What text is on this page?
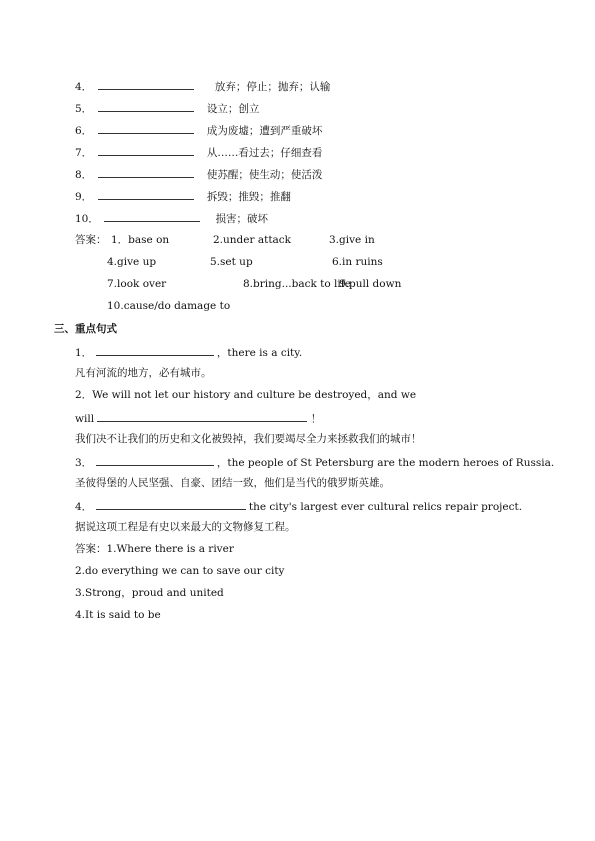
4．	放弃；停止；抛弃；认输
5．	设立；创立
6．	成为废墟；遭到严重破坏
7．	从……看过去；仔细查看
8．	使苏醒；使生动；使活泼
9．	拆毁；推毁；推翻
10．	损害；破坏
答案： 1．base on	2.under attack	3.give in
4.give up	5.set up	6.in ruins
7.look over	8.bring...back to life
9.pull down
10.cause/do damage to
三、重点句式
1．	，there is a city.
凡有河流的地方，必有城市。
2．We will not let our history and culture be destroyed，and we
will	！
我们决不让我们的历史和文化被毁掉，我们要竭尽全力来拯救我们的城市！
3．	，the people of St Petersburg are the modern heroes of Russia.
圣彼得堡的人民坚强、自豪、团结一致，他们是当代的俄罗斯英雄。
4．	the city's largest ever cultural relics repair project.
据说这项工程是有史以来最大的文物修复工程。
答案：1.Where there is a river
2.do everything we can to save our city
3.Strong，proud and united
4.It is said to be
